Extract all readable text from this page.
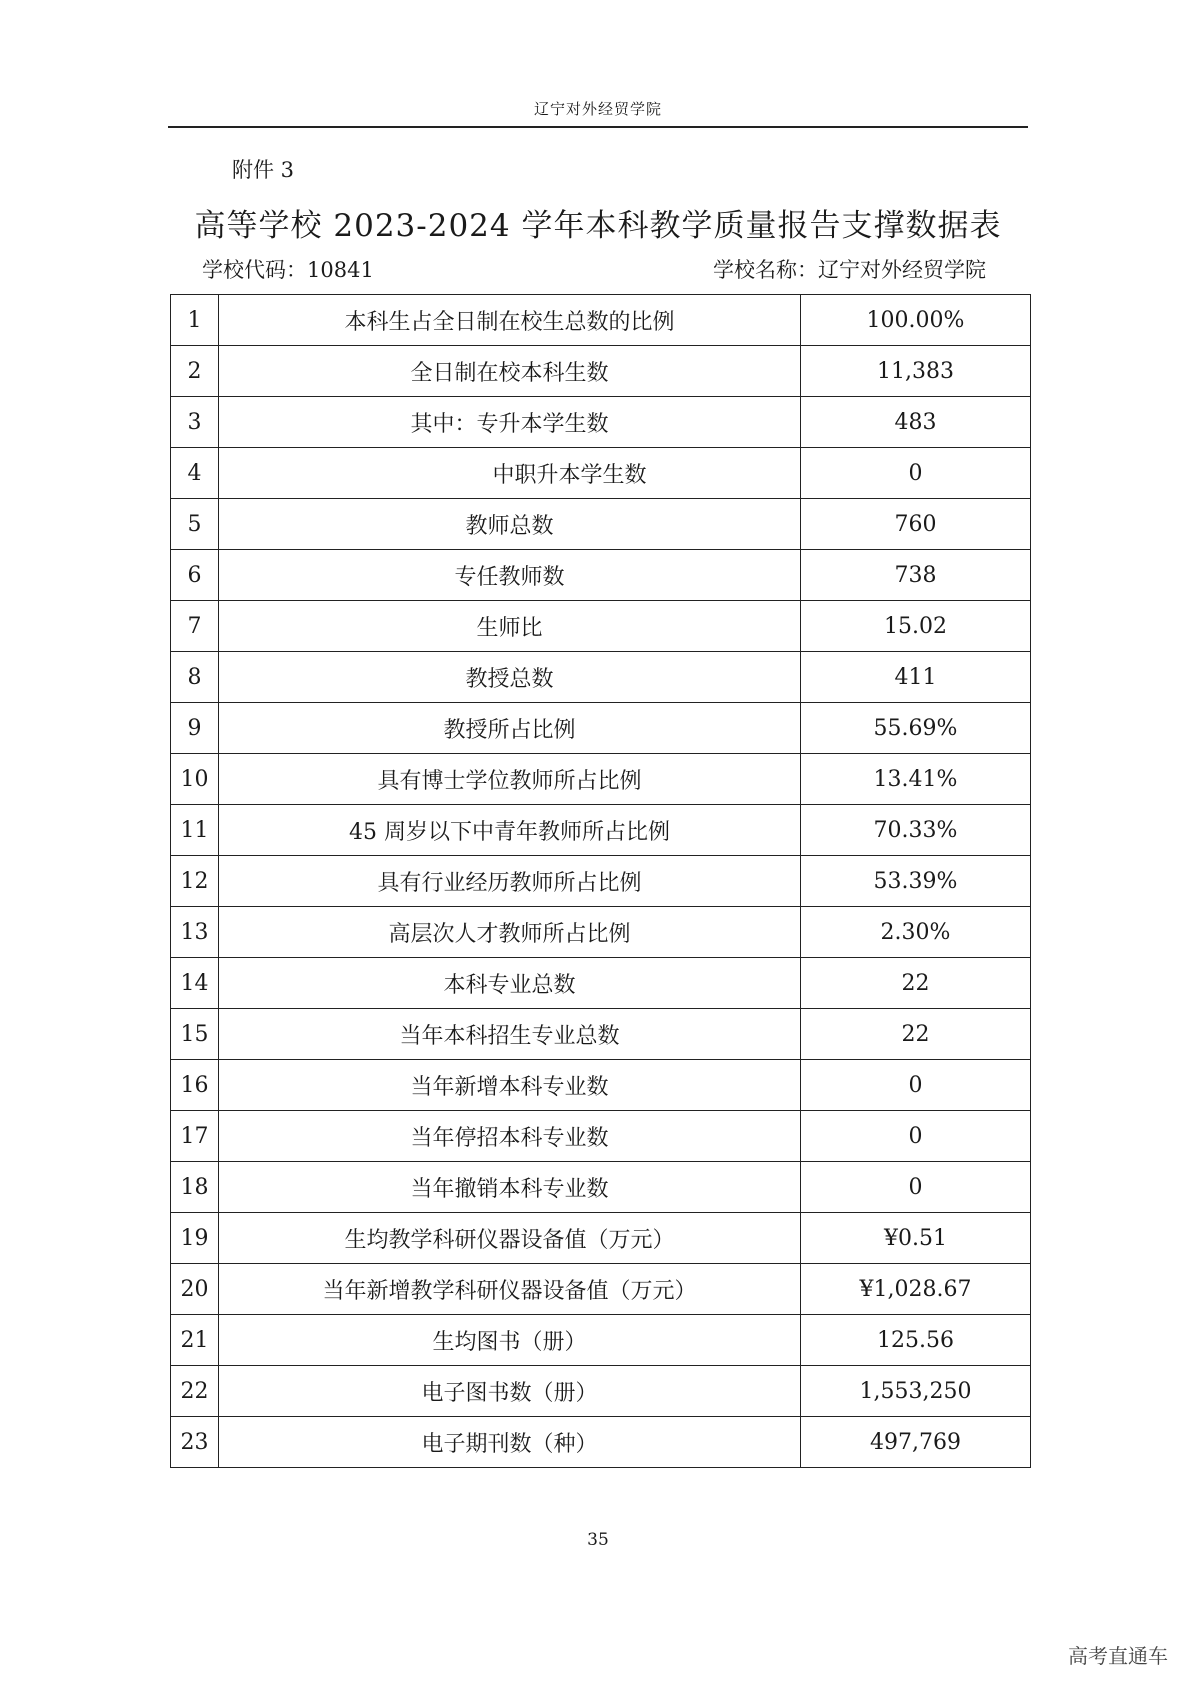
辽宁对外经贸学院
附件 3
高等学校 2023-2024 学年本科教学质量报告支撑数据表
学校代码：10841	学校名称：辽宁对外经贸学院
1	本科生占全日制在校生总数的比例	100.00%
2	全日制在校本科生数	11,383
3	其中：专升本学生数	483
4	中职升本学生数	0
5	教师总数	760
6	专任教师数	738
7	生师比	15.02
8	教授总数	411
9	教授所占比例	55.69%
10	具有博士学位教师所占比例	13.41%
11	45 周岁以下中青年教师所占比例	70.33%
12	具有行业经历教师所占比例	53.39%
13	高层次人才教师所占比例	2.30%
14	本科专业总数	22
15	当年本科招生专业总数	22
16	当年新增本科专业数	0
17	当年停招本科专业数	0
18	当年撤销本科专业数	0
19	生均教学科研仪器设备值（万元）	¥0.51
20	当年新增教学科研仪器设备值（万元）	¥1,028.67
21	生均图书（册）	125.56
22	电子图书数（册）	1,553,250
23	电子期刊数（种）	497,769
35
高考直通车
